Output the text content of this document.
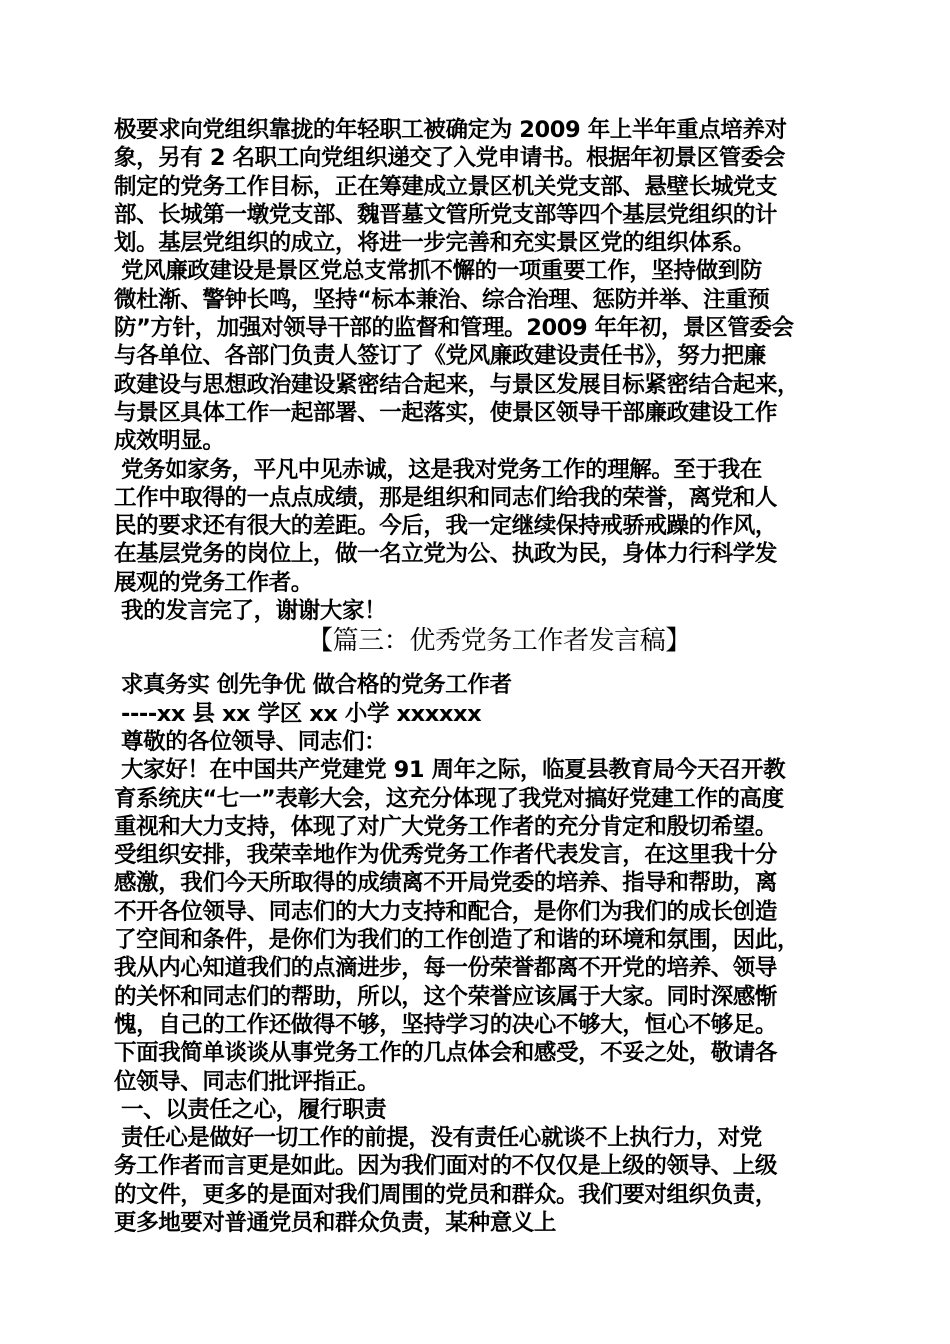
极要求向党组织靠拢的年轻职工被确定为 2009 年上半年重点培养对
象，另有 2 名职工向党组织递交了入党申请书。根据年初景区管委会
制定的党务工作目标，正在筹建成立景区机关党支部、悬壁长城党支
部、长城第一墩党支部、魏晋墓文管所党支部等四个基层党组织的计
划。基层党组织的成立，将进一步完善和充实景区党的组织体系。
党风廉政建设是景区党总支常抓不懈的一项重要工作，坚持做到防
微杜渐、警钟长鸣，坚持“标本兼治、综合治理、惩防并举、注重预
防”方针，加强对领导干部的监督和管理。2009 年年初，景区管委会
与各单位、各部门负责人签订了《党风廉政建设责任书》，努力把廉
政建设与思想政治建设紧密结合起来，与景区发展目标紧密结合起来，
与景区具体工作一起部署、一起落实，使景区领导干部廉政建设工作
成效明显。
党务如家务，平凡中见赤诚，这是我对党务工作的理解。至于我在
工作中取得的一点点成绩，那是组织和同志们给我的荣誉，离党和人
民的要求还有很大的差距。今后，我一定继续保持戒骄戒躁的作风，
在基层党务的岗位上，做一名立党为公、执政为民，身体力行科学发
展观的党务工作者。
我的发言完了，谢谢大家！
【篇三：优秀党务工作者发言稿】
求真务实 创先争优 做合格的党务工作者
----xx 县 xx 学区 xx 小学 xxxxxx
尊敬的各位领导、同志们：
大家好！在中国共产党建党 91 周年之际，临夏县教育局今天召开教
育系统庆“七一”表彰大会，这充分体现了我党对搞好党建工作的高度
重视和大力支持，体现了对广大党务工作者的充分肯定和殷切希望。
受组织安排，我荣幸地作为优秀党务工作者代表发言，在这里我十分
感激，我们今天所取得的成绩离不开局党委的培养、指导和帮助，离
不开各位领导、同志们的大力支持和配合，是你们为我们的成长创造
了空间和条件，是你们为我们的工作创造了和谐的环境和氛围，因此，
我从内心知道我们的点滴进步，每一份荣誉都离不开党的培养、领导
的关怀和同志们的帮助，所以，这个荣誉应该属于大家。同时深感惭
愧，自己的工作还做得不够，坚持学习的决心不够大，恒心不够足。
下面我简单谈谈从事党务工作的几点体会和感受，不妥之处，敬请各
位领导、同志们批评指正。
一、以责任之心，履行职责
责任心是做好一切工作的前提，没有责任心就谈不上执行力，对党
务工作者而言更是如此。因为我们面对的不仅仅是上级的领导、上级
的文件，更多的是面对我们周围的党员和群众。我们要对组织负责，
更多地要对普通党员和群众负责，某种意义上
